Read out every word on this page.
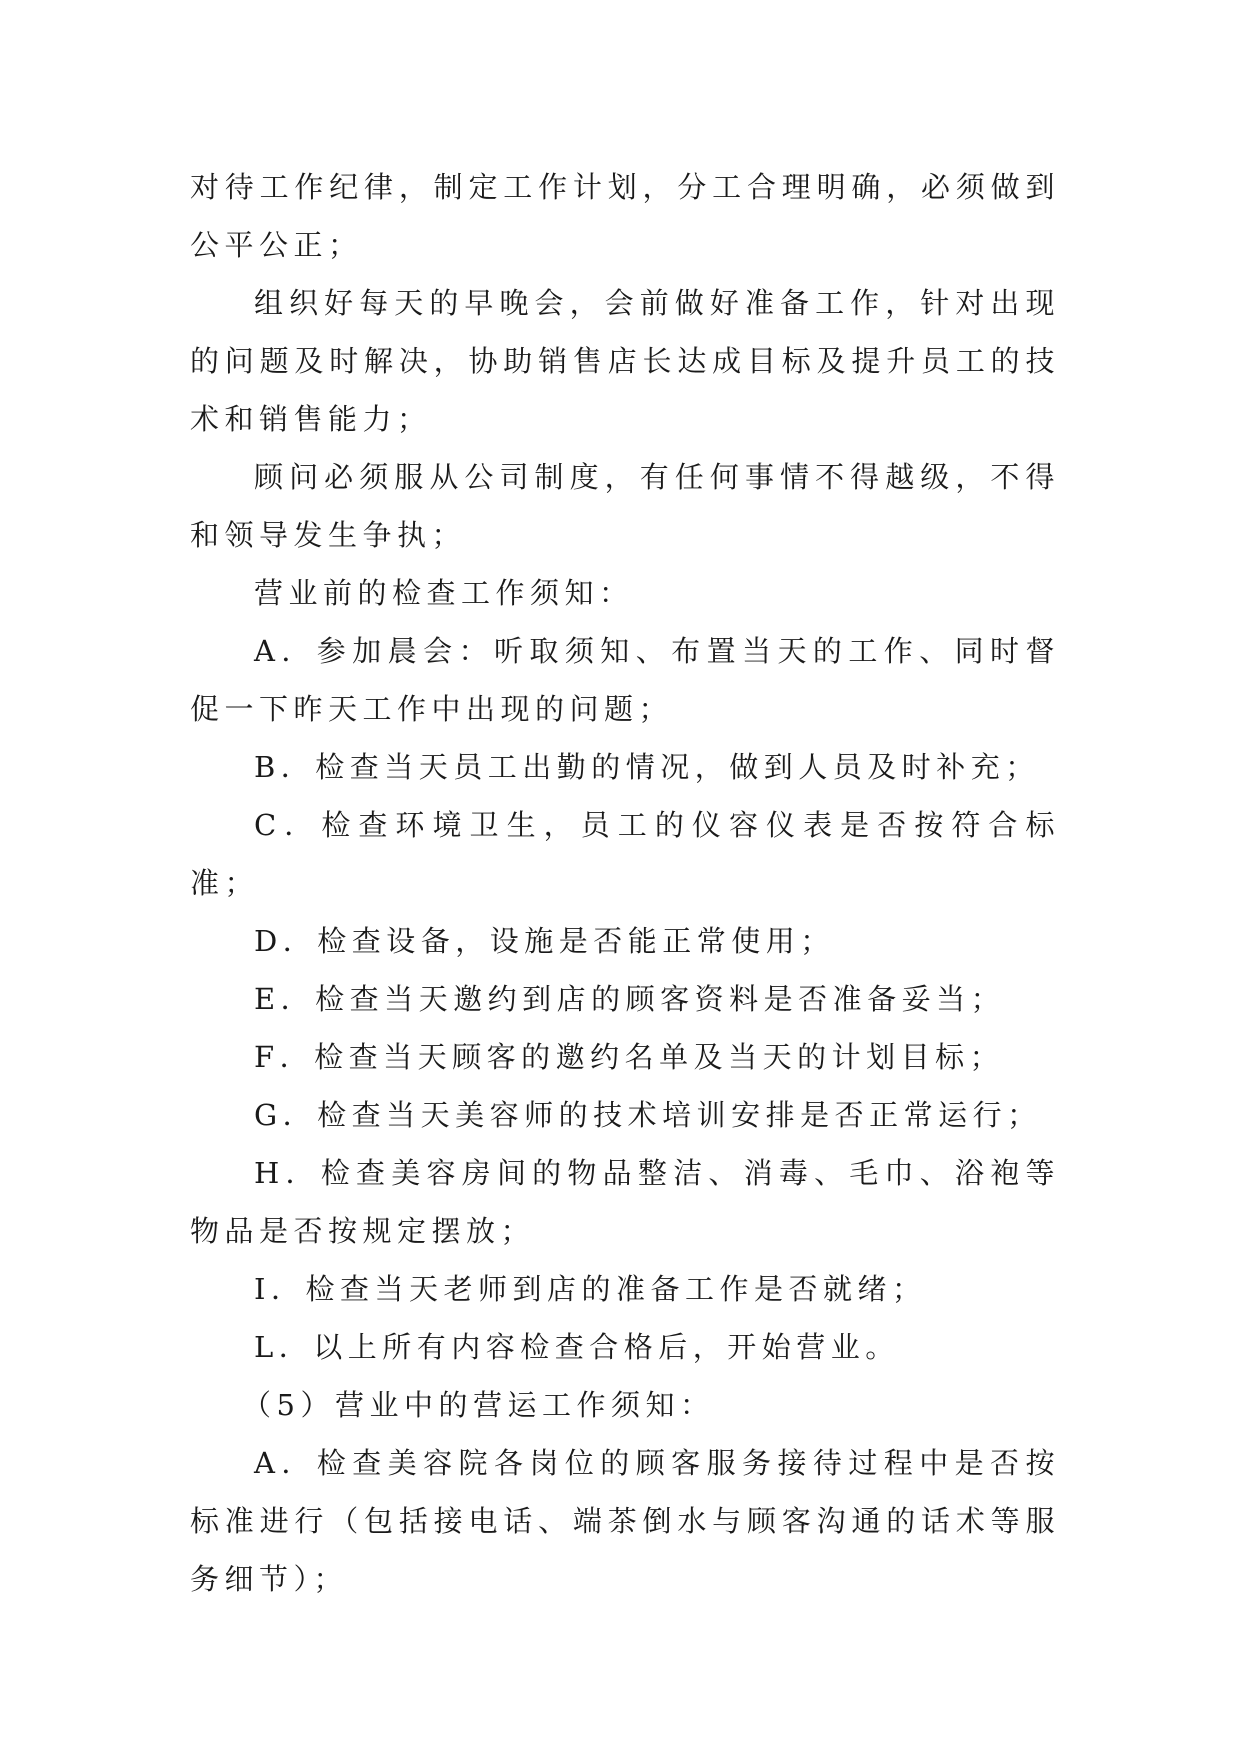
对待工作纪律，制定工作计划，分工合理明确，必须做到公平公正；

组织好每天的早晚会，会前做好准备工作，针对出现的问题及时解决，协助销售店长达成目标及提升员工的技术和销售能力；

顾问必须服从公司制度，有任何事情不得越级，不得和领导发生争执；

营业前的检查工作须知：

A．参加晨会：听取须知、布置当天的工作、同时督促一下昨天工作中出现的问题；

B．检查当天员工出勤的情况，做到人员及时补充；

C．检查环境卫生，员工的仪容仪表是否按符合标准；

D．检查设备，设施是否能正常使用；

E．检查当天邀约到店的顾客资料是否准备妥当；

F．检查当天顾客的邀约名单及当天的计划目标；

G．检查当天美容师的技术培训安排是否正常运行；

H．检查美容房间的物品整洁、消毒、毛巾、浴袍等物品是否按规定摆放；

I．检查当天老师到店的准备工作是否就绪；

L．以上所有内容检查合格后，开始营业。

（5）营业中的营运工作须知：

A．检查美容院各岗位的顾客服务接待过程中是否按标准进行（包括接电话、端茶倒水与顾客沟通的话术等服务细节）；
